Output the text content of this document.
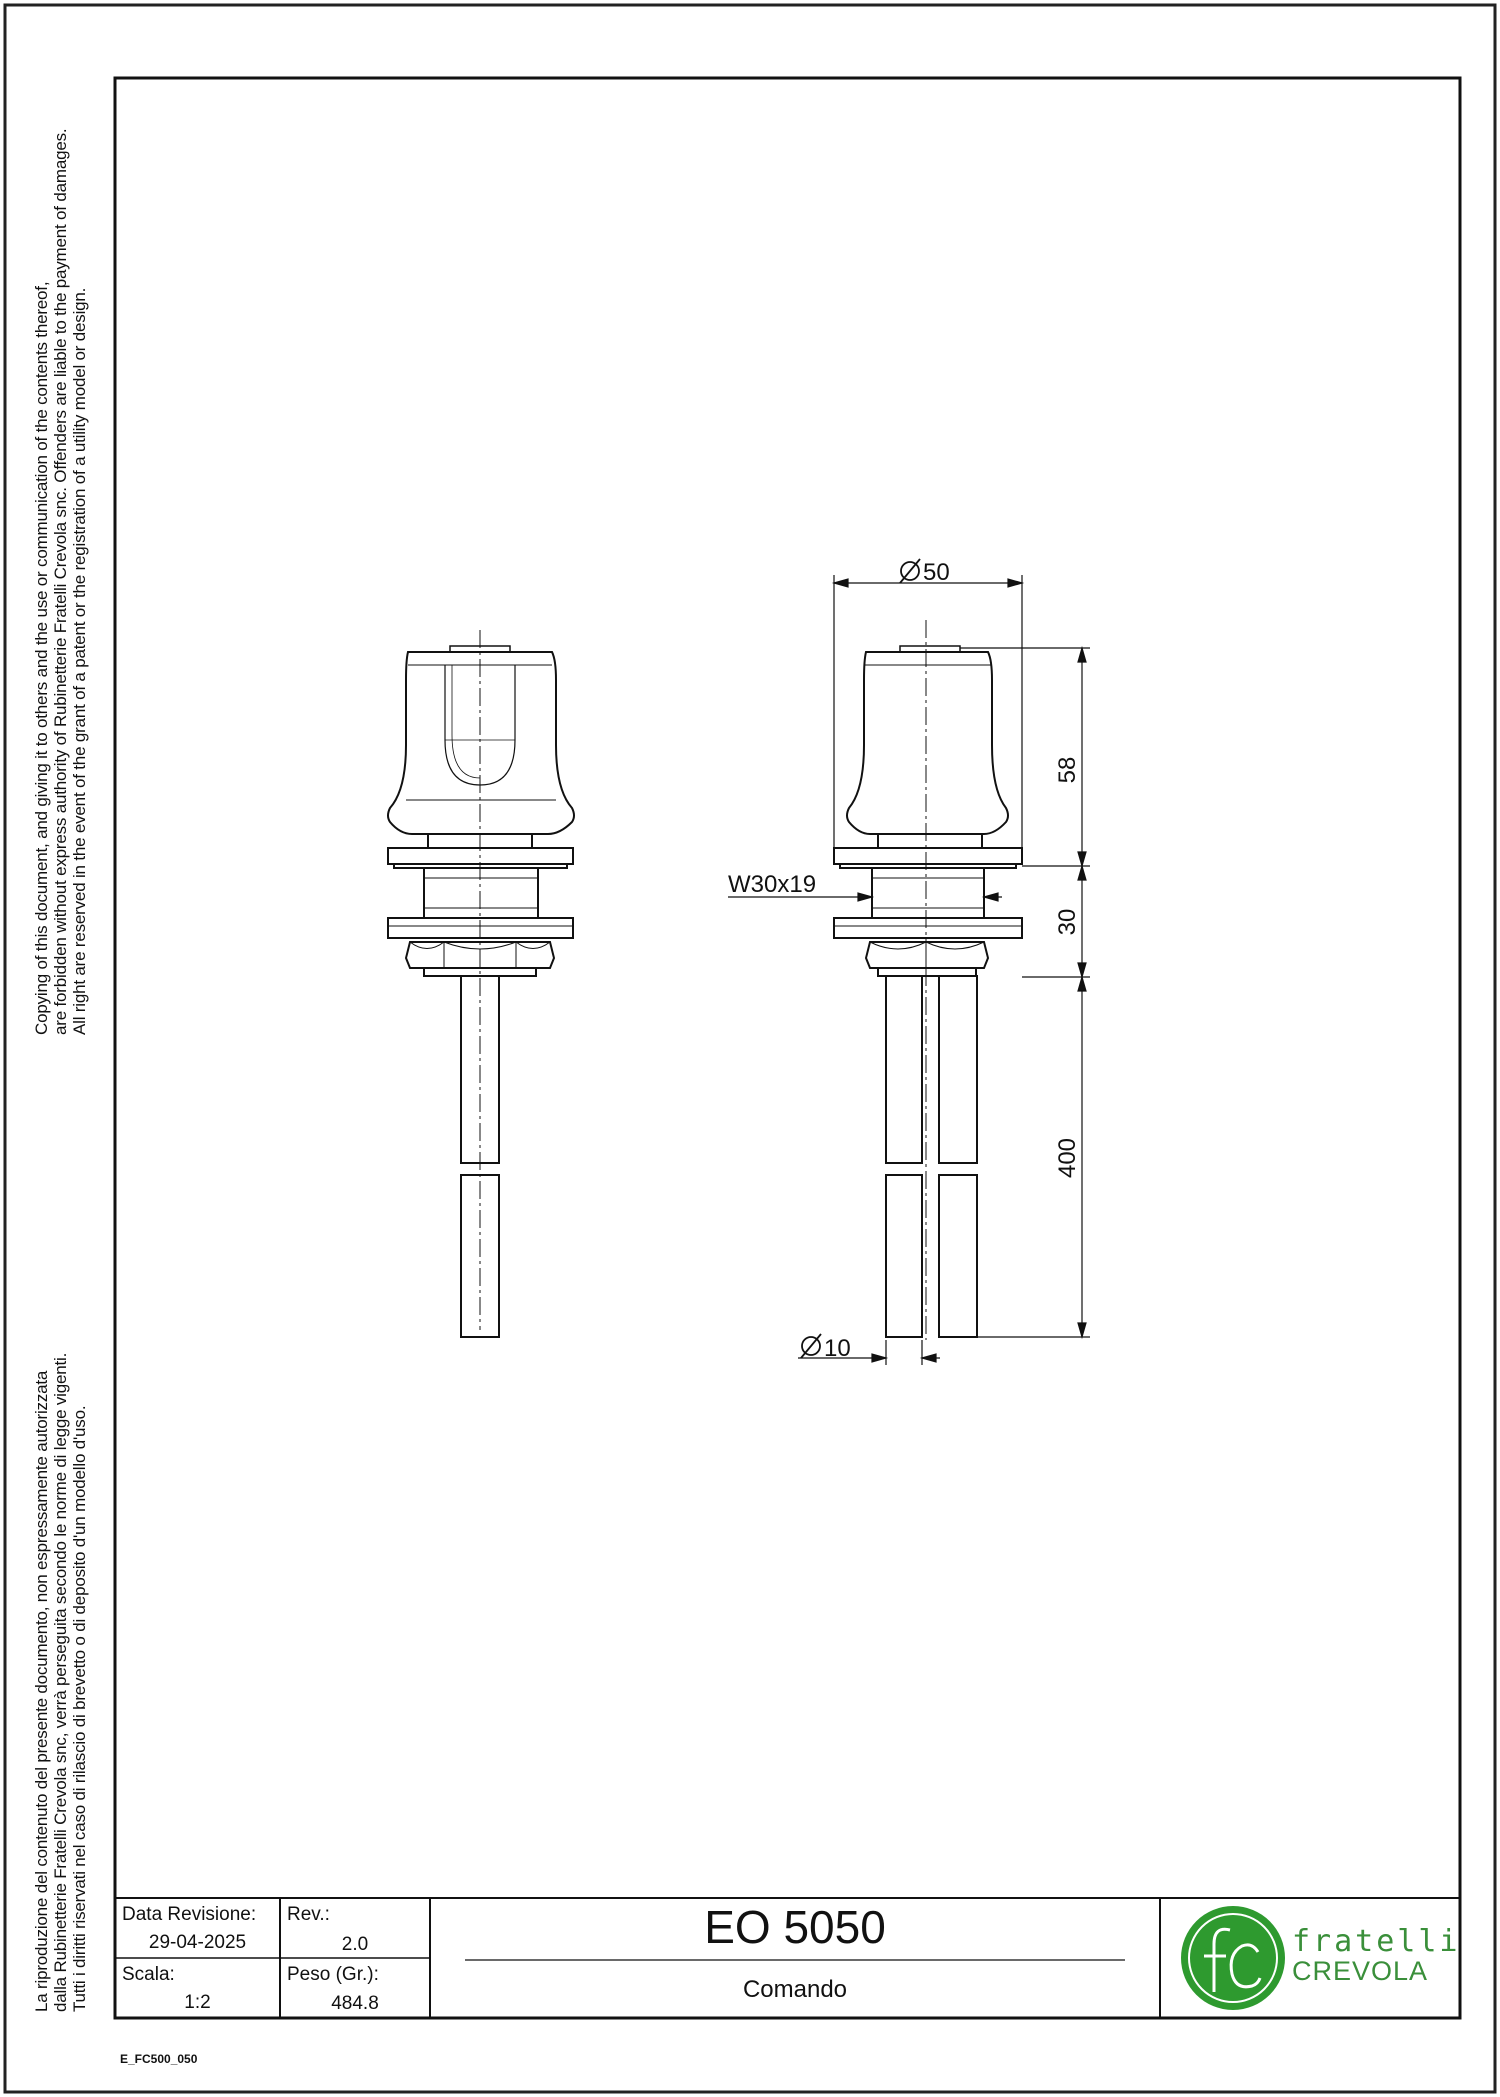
50
58
30
400
W30x19
10
Copying of this document, and giving it to others and the use or communication of the contents thereof, are forbidden without express authority of Rubinetterie Fratelli Crevola snc. Offenders are liable to the payment of damages. All right are reserved in the event of the grant of a patent or the registration of a utility model or design.
La riproduzione del contenuto del presente documento, non espressamente autorizzata dalla Rubinetterie Fratelli Crevola snc, verrà perseguita secondo le norme di legge vigenti. Tutti i diritti riservati nel caso di rilascio di brevetto o di deposito d'un modello d'uso. Data Revisione:
29-04-2025
Rev.:
2.0
Scala:
1:2
Peso (Gr.):
484.8
EO 5050
Comando
fratelli
CREVOLA
E_FC500_050
